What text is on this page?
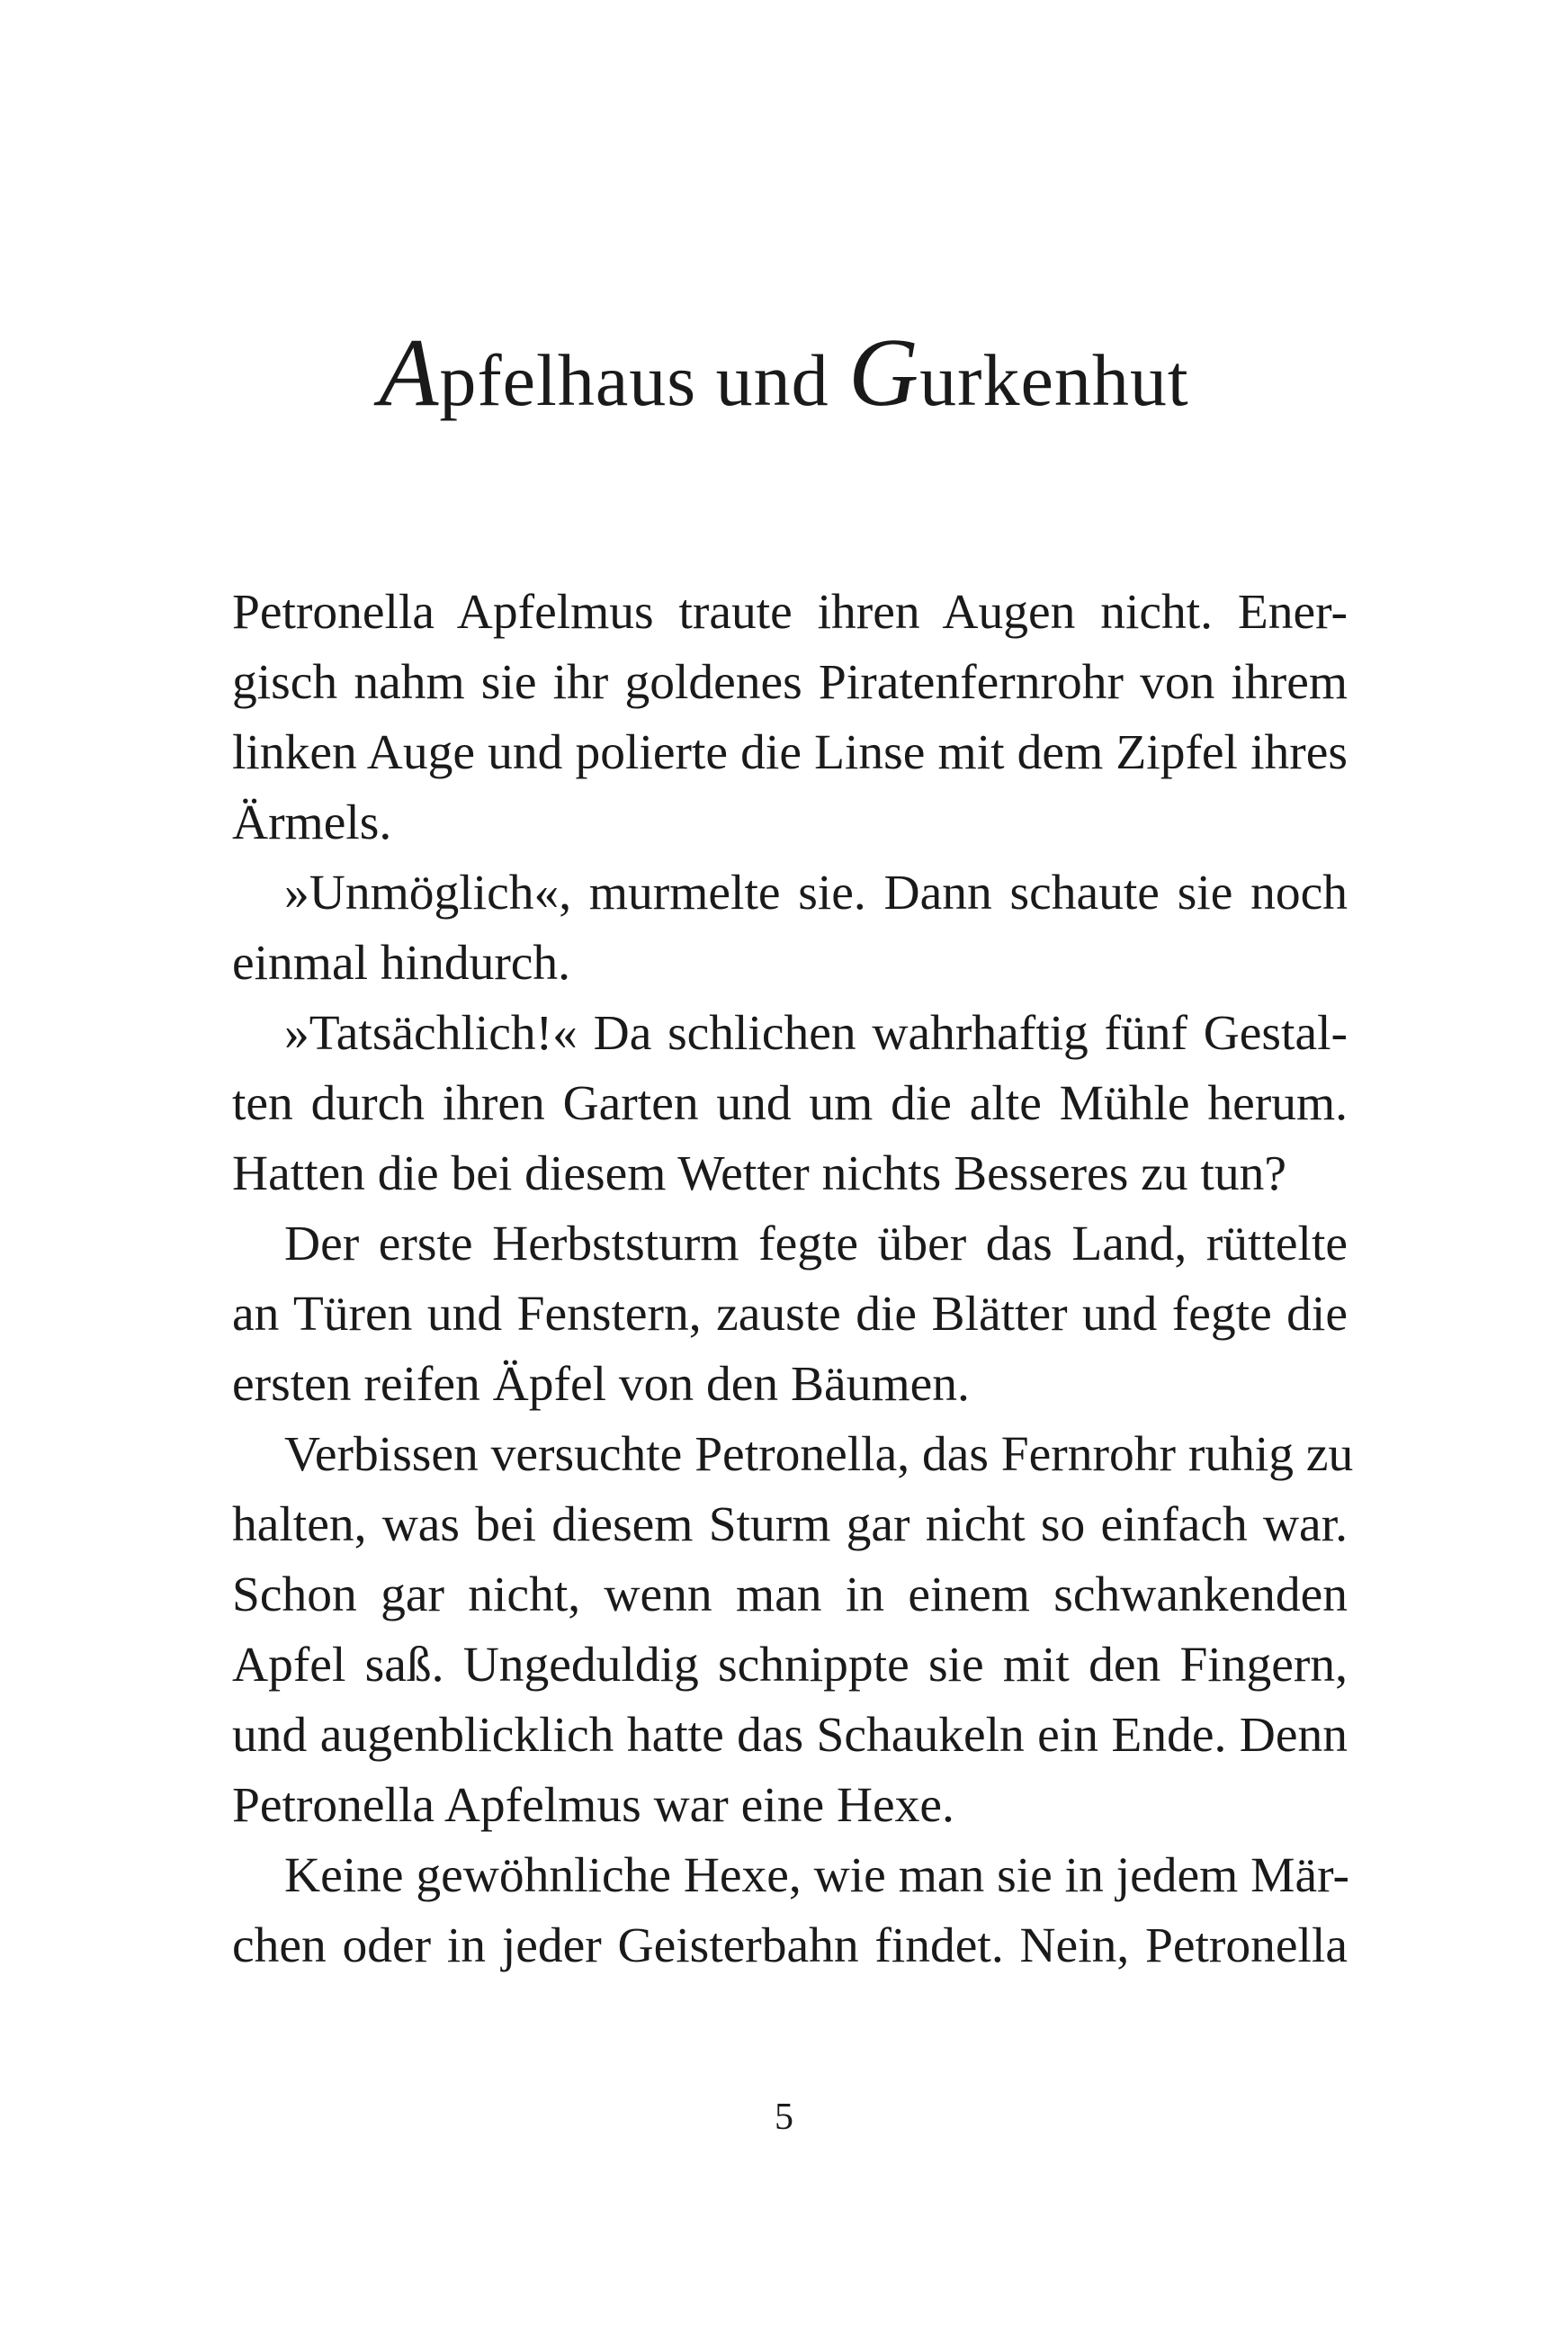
Apfelhaus und Gurkenhut
Petronella Apfelmus traute ihren Augen nicht. Ener-
gisch nahm sie ihr goldenes Piratenfernrohr von ihrem
linken Auge und polierte die Linse mit dem Zipfel ihres
Ärmels.
»Unmöglich«, murmelte sie. Dann schaute sie noch
einmal hindurch.
»Tatsächlich!« Da schlichen wahrhaftig fünf Gestal-
ten durch ihren Garten und um die alte Mühle herum.
Hatten die bei diesem Wetter nichts Besseres zu tun?
Der erste Herbststurm fegte über das Land, rüttelte
an Türen und Fenstern, zauste die Blätter und fegte die
ersten reifen Äpfel von den Bäumen.
Verbissen versuchte Petronella, das Fernrohr ruhig zu
halten, was bei diesem Sturm gar nicht so einfach war.
Schon gar nicht, wenn man in einem schwankenden
Apfel saß. Ungeduldig schnippte sie mit den Fingern,
und augenblicklich hatte das Schaukeln ein Ende. Denn
Petronella Apfelmus war eine Hexe.
Keine gewöhnliche Hexe, wie man sie in jedem Mär-
chen oder in jeder Geisterbahn findet. Nein, Petronella
5
